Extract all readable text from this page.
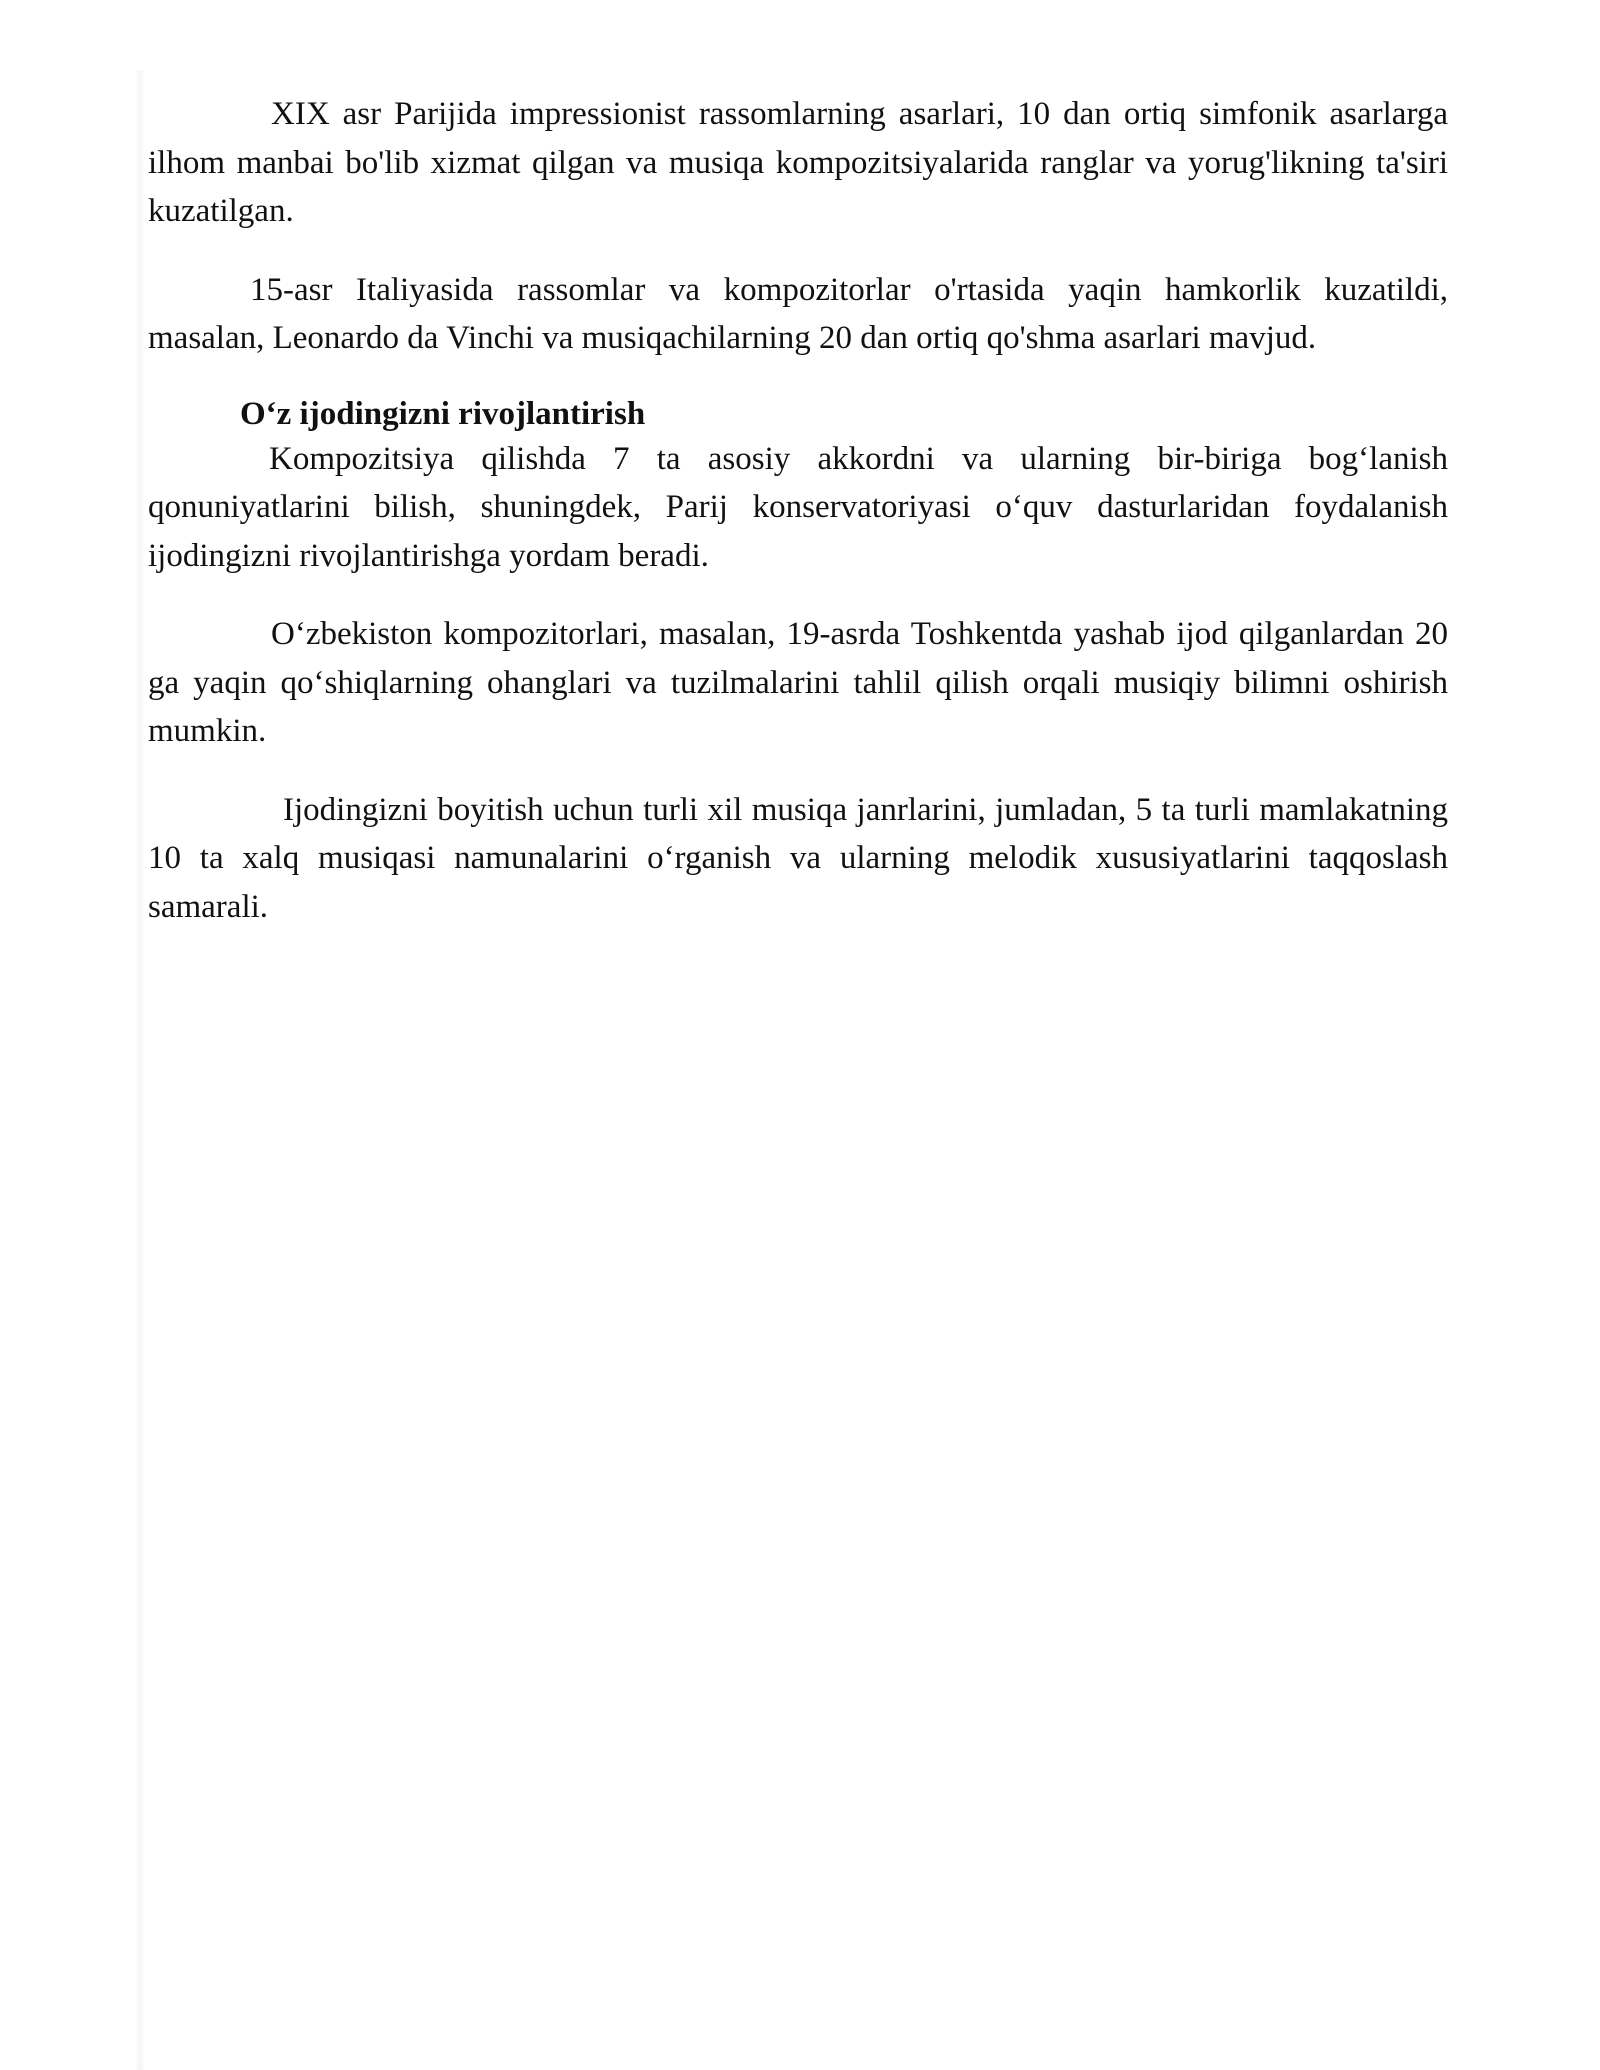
XIX asr Parijida impressionist rassomlarning asarlari, 10 dan ortiq simfonik asarlarga ilhom manbai bo'lib xizmat qilgan va musiqa kompozitsiyalarida ranglar va yorug'likning ta'siri kuzatilgan.

15-asr Italiyasida rassomlar va kompozitorlar o'rtasida yaqin hamkorlik kuzatildi, masalan, Leonardo da Vinchi va musiqachilarning 20 dan ortiq qo'shma asarlari mavjud.

O‘z ijodingizni rivojlantirish

Kompozitsiya qilishda 7 ta asosiy akkordni va ularning bir-biriga bog‘lanish qonuniyatlarini bilish, shuningdek, Parij konservatoriyasi o‘quv dasturlaridan foydalanish ijodingizni rivojlantirishga yordam beradi.

O‘zbekiston kompozitorlari, masalan, 19-asrda Toshkentda yashab ijod qilganlardan 20 ga yaqin qo‘shiqlarning ohanglari va tuzilmalarini tahlil qilish orqali musiqiy bilimni oshirish mumkin.

Ijodingizni boyitish uchun turli xil musiqa janrlarini, jumladan, 5 ta turli mamlakatning 10 ta xalq musiqasi namunalarini o‘rganish va ularning melodik xususiyatlarini taqqoslash samarali.
